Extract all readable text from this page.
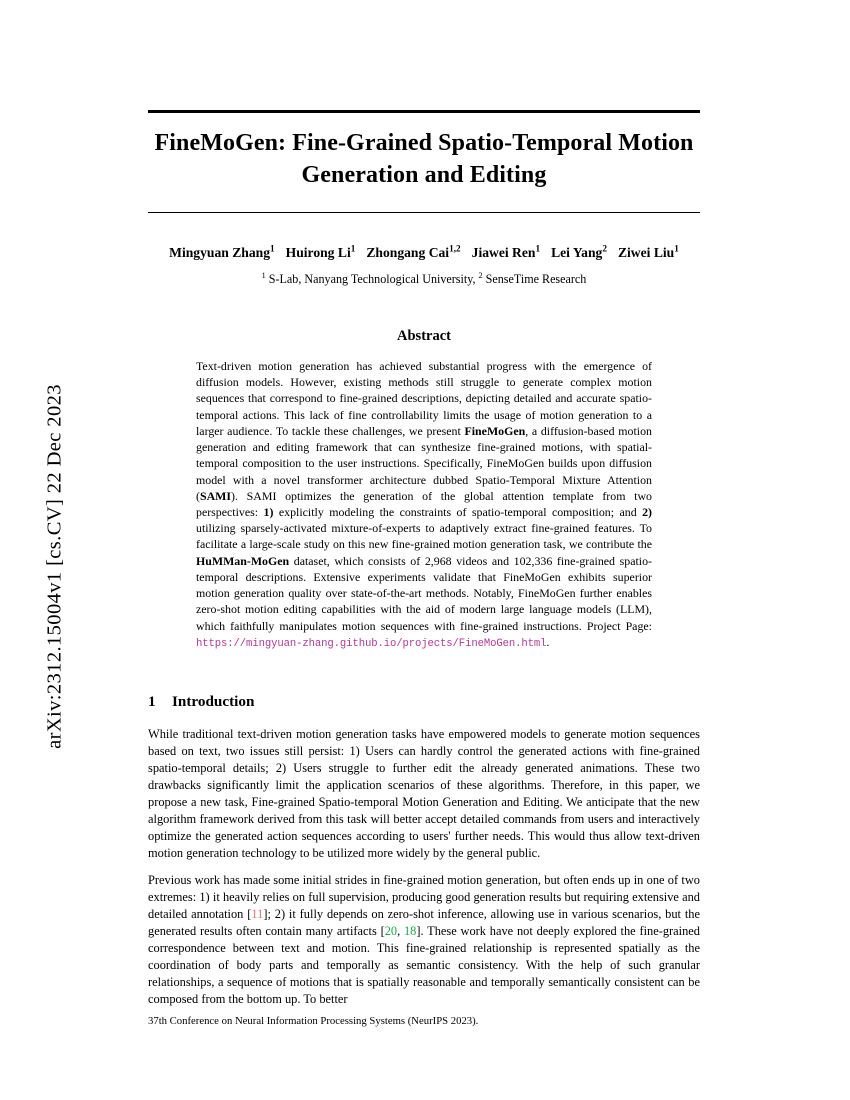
arXiv:2312.15004v1 [cs.CV] 22 Dec 2023
FineMoGen: Fine-Grained Spatio-Temporal Motion Generation and Editing
Mingyuan Zhang$^1$ Huirong Li$^1$ Zhongang Cai$^{1,2}$ Jiawei Ren$^1$ Lei Yang$^2$ Ziwei Liu$^1$
$^1$ S-Lab, Nanyang Technological University, $^2$ SenseTime Research
Abstract
Text-driven motion generation has achieved substantial progress with the emergence of diffusion models. However, existing methods still struggle to generate complex motion sequences that correspond to fine-grained descriptions, depicting detailed and accurate spatio-temporal actions. This lack of fine controllability limits the usage of motion generation to a larger audience. To tackle these challenges, we present FineMoGen, a diffusion-based motion generation and editing framework that can synthesize fine-grained motions, with spatial-temporal composition to the user instructions. Specifically, FineMoGen builds upon diffusion model with a novel transformer architecture dubbed Spatio-Temporal Mixture Attention (SAMI). SAMI optimizes the generation of the global attention template from two perspectives: 1) explicitly modeling the constraints of spatio-temporal composition; and 2) utilizing sparsely-activated mixture-of-experts to adaptively extract fine-grained features. To facilitate a large-scale study on this new fine-grained motion generation task, we contribute the HuMMan-MoGen dataset, which consists of 2,968 videos and 102,336 fine-grained spatio-temporal descriptions. Extensive experiments validate that FineMoGen exhibits superior motion generation quality over state-of-the-art methods. Notably, FineMoGen further enables zero-shot motion editing capabilities with the aid of modern large language models (LLM), which faithfully manipulates motion sequences with fine-grained instructions. Project Page: https://mingyuan-zhang.github.io/projects/FineMoGen.html.
1 Introduction
While traditional text-driven motion generation tasks have empowered models to generate motion sequences based on text, two issues still persist: 1) Users can hardly control the generated actions with fine-grained spatio-temporal details; 2) Users struggle to further edit the already generated animations. These two drawbacks significantly limit the application scenarios of these algorithms. Therefore, in this paper, we propose a new task, Fine-grained Spatio-temporal Motion Generation and Editing. We anticipate that the new algorithm framework derived from this task will better accept detailed commands from users and interactively optimize the generated action sequences according to users' further needs. This would thus allow text-driven motion generation technology to be utilized more widely by the general public.
Previous work has made some initial strides in fine-grained motion generation, but often ends up in one of two extremes: 1) it heavily relies on full supervision, producing good generation results but requiring extensive and detailed annotation [11]; 2) it fully depends on zero-shot inference, allowing use in various scenarios, but the generated results often contain many artifacts [20, 18]. These work have not deeply explored the fine-grained correspondence between text and motion. This fine-grained relationship is represented spatially as the coordination of body parts and temporally as semantic consistency. With the help of such granular relationships, a sequence of motions that is spatially reasonable and temporally semantically consistent can be composed from the bottom up. To better
37th Conference on Neural Information Processing Systems (NeurIPS 2023).
